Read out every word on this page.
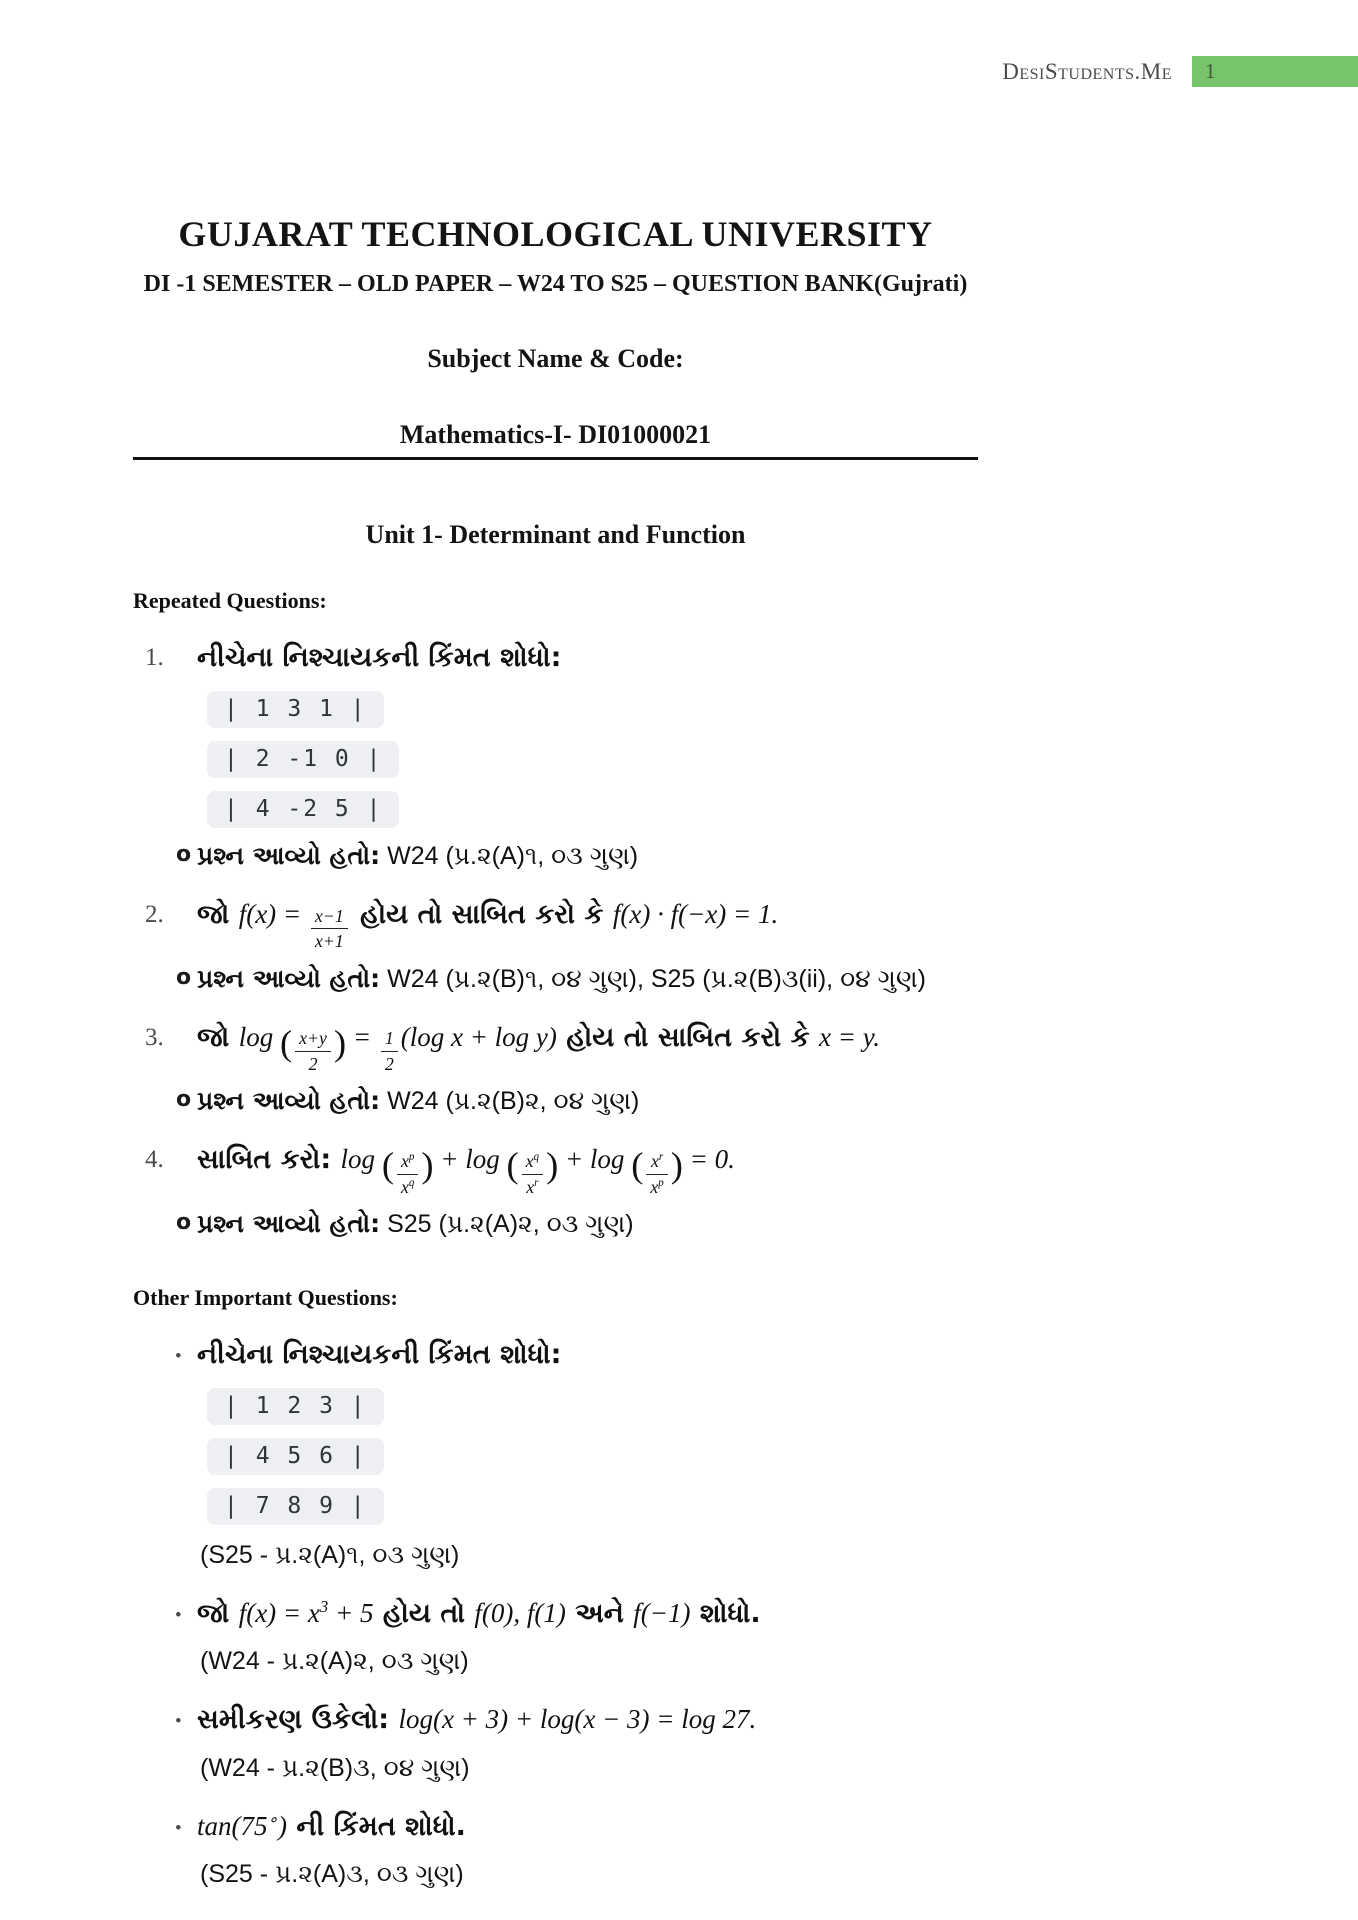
DesiStudents.Me 1
GUJARAT TECHNOLOGICAL UNIVERSITY
DI -1 SEMESTER – OLD PAPER – W24 TO S25 – QUESTION BANK(Gujrati)
Subject Name & Code:
Mathematics-I- DI01000021
Unit 1- Determinant and Function
Repeated Questions:
1. નીચેના નિશ્ચાયકની કિંમત શોધો:
| 1 3 1 |
| 2 -1 0 |
| 4 -2 5 |
o પ્રશ્ન આવ્યો હતો: W24 (પ્ર.૨(A)૧, ૦૩ ગુણ)
2. જો $f(x) = \frac{x-1}{x+1}$ હોય તો સાબિત કરો કે f(x) · f(−x) = 1.
o પ્રશ્ન આવ્યો હતો: W24 (પ્ર.૨(B)૧, ૦૪ ગુણ), S25 (પ્ર.૨(B)૩(ii), ૦૪ ગુણ)
3. જો log ( $\frac{x+y}{2}$ ) = $\frac{1}{2} (\log$ x + log y) હોય તો સાબિત કરો કે x = y.
o પ્રશ્ન આવ્યો હતો: W24 (પ્ર.૨(B)૨, ૦૪ ગુણ)
4. સાબિત કરો: log ( $\frac{x^p}{x^q}$ ) + log ( $\frac{x^q}{x^r}$ ) + log ( $\frac{x^r}{x^p}$ ) = 0.
o પ્રશ્ન આવ્યો હતો: S25 (પ્ર.૨(A)૨, ૦૩ ગુણ)
Other Important Questions:
• નીચેના નિશ્ચાયકની કિંમત શોધો:
| 1 2 3 |
| 4 5 6 |
| 7 8 9 |
(S25 - પ્ર.૨(A)૧, ૦૩ ગુણ)
• જો $f(x) = x^3 + 5$ હોય તો f(0), f(1) અને f(−1) શોધો.
(W24 - પ્ર.૨(A)૨, ૦૩ ગુણ)
• સમીકરણ ઉકેલો: log(x + 3) + log(x − 3) = log 27.
(W24 - પ્ર.૨(B)૩, ૦૪ ગુણ)
• tan(75∘) ની કિંમત શોધો.
(S25 - પ્ર.૨(A)૩, ૦૩ ગુણ)
